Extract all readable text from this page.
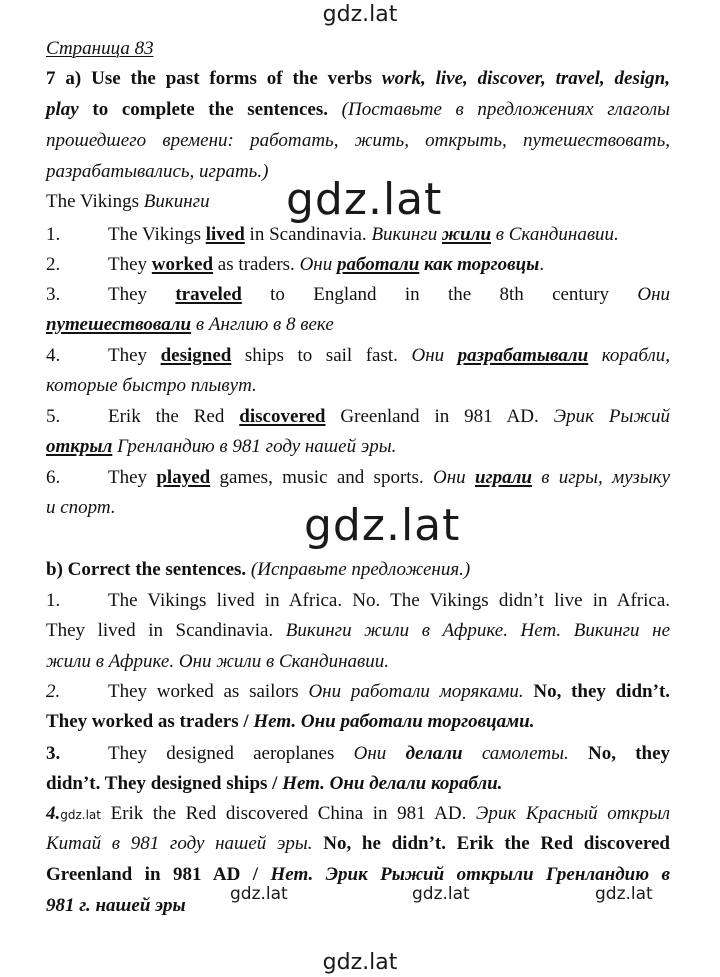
gdz.lat
gdz.lat
gdz.lat
gdz.lat	gdz.lat	gdz.lat
gdz.lat
Страница 83
7 a) Use the past forms of the verbs work, live, discover, travel, design,
play to complete the sentences. (Поставьте в предложениях глаголы
прошедшего времени: работать, жить, открыть, путешествовать,
разрабатывались, играть.)
The Vikings Викинги
1.	The Vikings lived in Scandinavia. Викинги жили в Скандинавии.
2.	They worked as traders. Они работали как торговцы.
3.	They traveled to England in the 8th century Они
путешествовали в Англию в 8 веке
4.	They designed ships to sail fast. Они разрабатывали корабли,
которые быстро плывут.
5.	Erik the Red discovered Greenland in 981 AD. Эрик Рыжий
открыл Гренландию в 981 году нашей эры.
6.	They played games, music and sports. Они играли в игры, музыку
и спорт.
b) Correct the sentences. (Исправьте предложения.)
1.	The Vikings lived in Africa. No. The Vikings didn’t live in Africa.
They lived in Scandinavia. Викинги жили в Африке. Нет. Викинги не
жили в Африке. Они жили в Скандинавии.
2.	They worked as sailors Они работали моряками. No, they didn’t.
They worked as traders / Нет. Они работали торговцами.
3.	They designed aeroplanes Они делали самолеты. No, they
didn’t. They designed ships / Нет. Они делали корабли.
4.gdz.lat Erik the Red discovered China in 981 AD. Эрик Красный открыл
Китай в 981 году нашей эры. No, he didn’t. Erik the Red discovered
Greenland in 981 AD / Нет. Эрик Рыжий открыли Гренландию в
981 г. нашей эры
